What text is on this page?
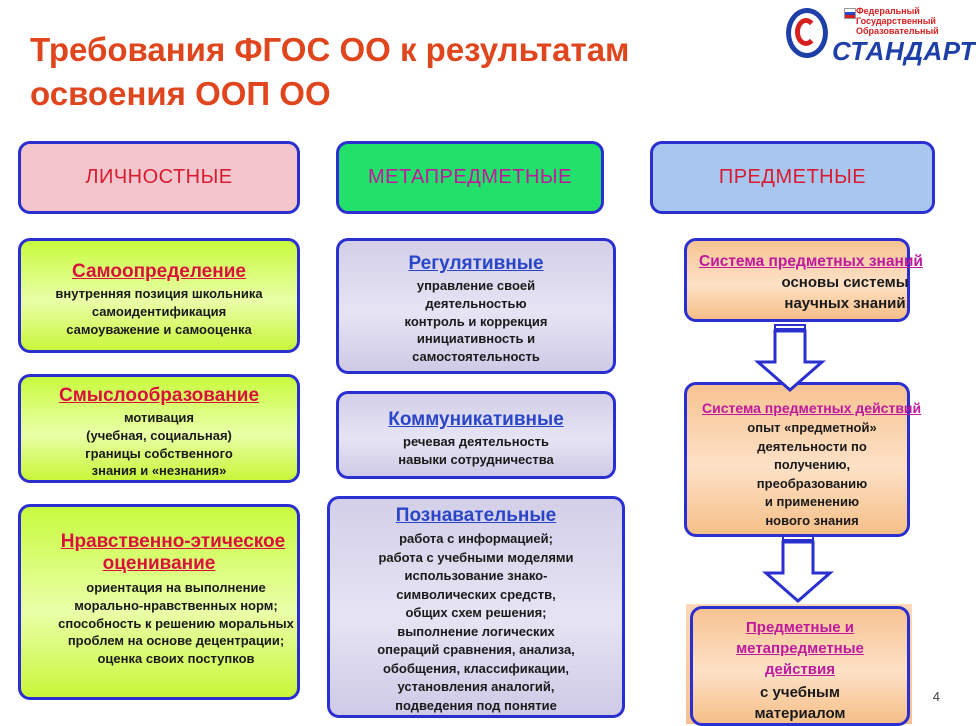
Требования ФГОС ОО к результатам
освоения ООП ОО
Федеральный
Государственный
Образовательный
СТАНДАРТ
ЛИЧНОСТНЫЕ	МЕТАПРЕДМЕТНЫЕ	ПРЕДМЕТНЫЕ
Самоопределение
внутренняя позиция школьника
самоидентификация
самоуважение и самооценка
Смыслообразование
мотивация
(учебная, социальная)
границы собственного
знания и «незнания»
Нравственно-этическое
оценивание
ориентация на выполнение
морально-нравственных норм;
способность к решению моральных
проблем на основе децентрации;
оценка своих поступков
Регулятивные
управление своей
деятельностью
контроль и коррекция
инициативность и
самостоятельность
Коммуникативные
речевая деятельность
навыки сотрудничества
Познавательные
работа с информацией;
работа с учебными моделями
использование знако-
символических средств,
общих схем решения;
выполнение логических
операций сравнения, анализа,
обобщения, классификации,
установления аналогий,
подведения под понятие
Система предметных знаний
основы системы
научных знаний
Система предметных действий
опыт «предметной»
деятельности по
получению,
преобразованию
и применению
нового знания
Предметные и
метапредметные
действия
с учебным
материалом
4
